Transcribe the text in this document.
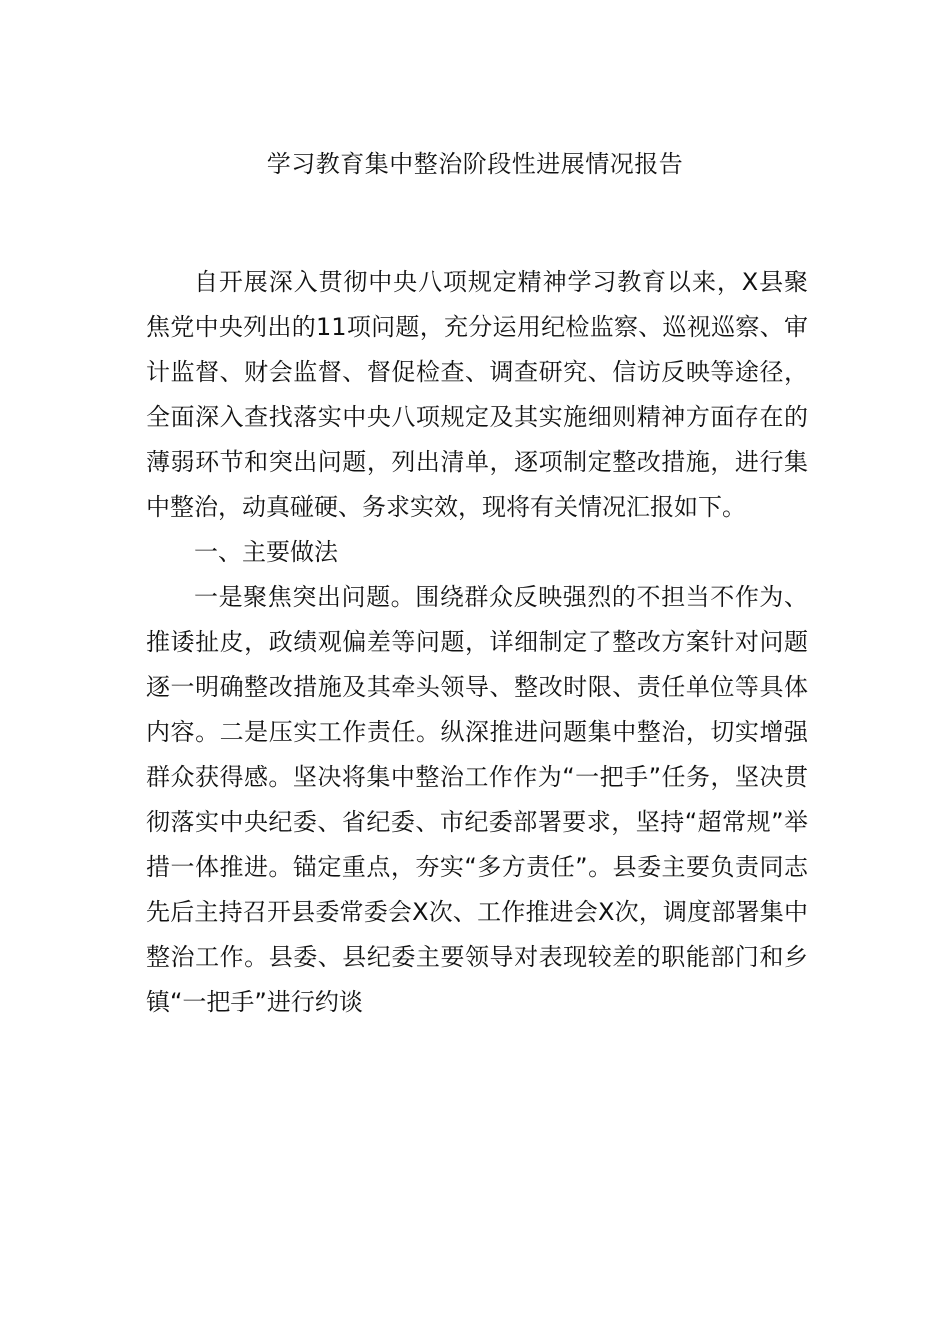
学习教育集中整治阶段性进展情况报告

自开展深入贯彻中央八项规定精神学习教育以来，X县聚焦党中央列出的11项问题，充分运用纪检监察、巡视巡察、审计监督、财会监督、督促检查、调查研究、信访反映等途径，全面深入查找落实中央八项规定及其实施细则精神方面存在的薄弱环节和突出问题，列出清单，逐项制定整改措施，进行集中整治，动真碰硬、务求实效，现将有关情况汇报如下。

一、主要做法

一是聚焦突出问题。围绕群众反映强烈的不担当不作为、推诿扯皮，政绩观偏差等问题，详细制定了整改方案针对问题逐一明确整改措施及其牵头领导、整改时限、责任单位等具体内容。二是压实工作责任。纵深推进问题集中整治，切实增强群众获得感。坚决将集中整治工作作为“一把手”任务，坚决贯彻落实中央纪委、省纪委、市纪委部署要求，坚持“超常规”举措一体推进。锚定重点，夯实“多方责任”。县委主要负责同志先后主持召开县委常委会X次、工作推进会X次，调度部署集中整治工作。县委、县纪委主要领导对表现较差的职能部门和乡镇“一把手”进行约谈
